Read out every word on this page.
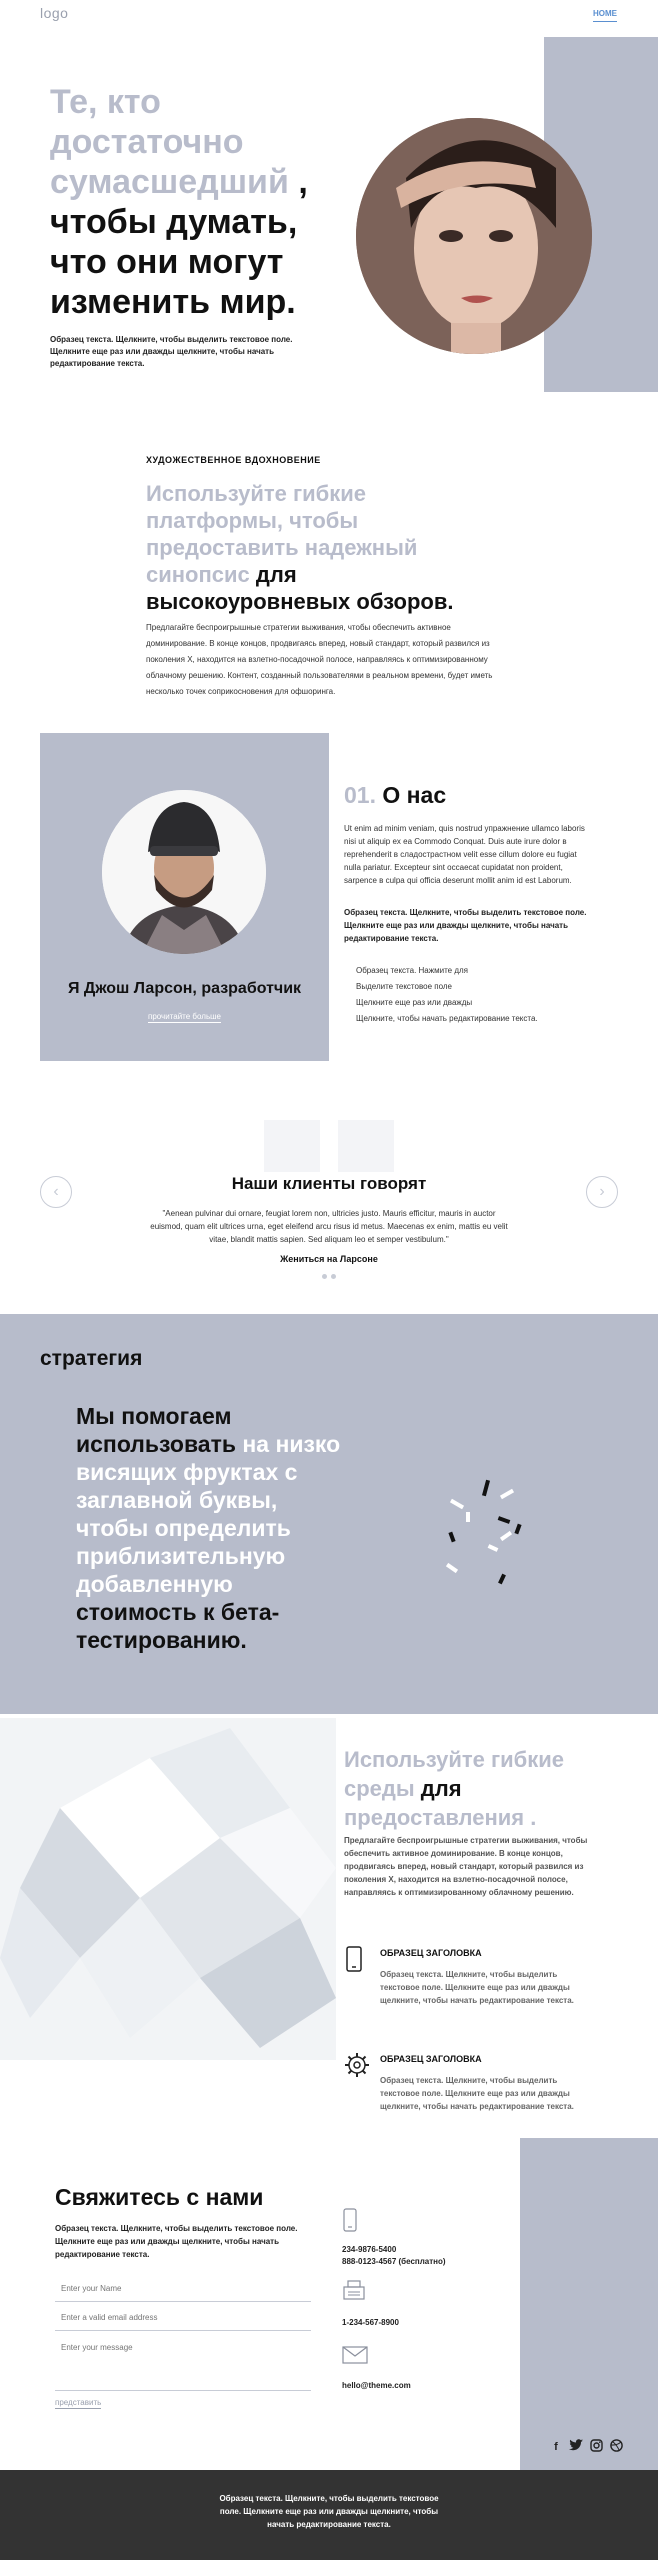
logo	HOME
Те, кто достаточно сумасшедший , чтобы думать, что они могут изменить мир.

Образец текста. Щелкните, чтобы выделить текстовое поле. Щелкните еще раз или дважды щелкните, чтобы начать редактирование текста.

ХУДОЖЕСТВЕННОЕ ВДОХНОВЕНИЕ
Используйте гибкие платформы, чтобы предоставить надежный синопсис для высокоуровневых обзоров.

Предлагайте беспроигрышные стратегии выживания, чтобы обеспечить активное доминирование. В конце концов, продвигаясь вперед, новый стандарт, который развился из поколения X, находится на взлетно-посадочной полосе, направляясь к оптимизированному облачному решению. Контент, созданный пользователями в реальном времени, будет иметь несколько точек соприкосновения для офшоринга.

Я Джош Ларсон, разработчик
прочитайте больше
01. О нас

Ut enim ad minim veniam, quis nostrud упражнение ullamco laboris nisi ut aliquip ex ea Commodo Conquat. Duis aute irure dolor в reprehenderit в сладострастном velit esse cillum dolore eu fugiat nulla pariatur. Excepteur sint occaecat cupidatat non proident, sarpence в culpa qui officia deserunt mollit anim id est Laborum.

Образец текста. Щелкните, чтобы выделить текстовое поле. Щелкните еще раз или дважды щелкните, чтобы начать редактирование текста.

Образец текста. Нажмите для
Выделите текстовое поле
Щелкните еще раз или дважды
Щелкните, чтобы начать редактирование текста.
‹	›
Наши клиенты говорят

"Aenean pulvinar dui ornare, feugiat lorem non, ultricies justo. Mauris efficitur, mauris in auctor euismod, quam elit ultrices urna, eget eleifend arcu risus id metus. Maecenas ex enim, mattis eu velit vitae, blandit mattis sapien. Sed aliquam leo et semper vestibulum."

Жениться на Ларсоне
стратегия
Мы помогаем использовать на низко висящих фруктах с заглавной буквы, чтобы определить приблизительную добавленную стоимость к бета-тестированию.
Используйте гибкие среды для предоставления .

Предлагайте беспроигрышные стратегии выживания, чтобы обеспечить активное доминирование. В конце концов, продвигаясь вперед, новый стандарт, который развился из поколения X, находится на взлетно-посадочной полосе, направляясь к оптимизированному облачному решению.

ОБРАЗЕЦ ЗАГОЛОВКА

Образец текста. Щелкните, чтобы выделить текстовое поле. Щелкните еще раз или дважды щелкните, чтобы начать редактирование текста.

ОБРАЗЕЦ ЗАГОЛОВКА

Образец текста. Щелкните, чтобы выделить текстовое поле. Щелкните еще раз или дважды щелкните, чтобы начать редактирование текста.

Свяжитесь с нами

Образец текста. Щелкните, чтобы выделить текстовое поле. Щелкните еще раз или дважды щелкните, чтобы начать редактирование текста.

Enter your Name
Enter a valid email address
Enter your message
представить
234-9876-5400
888-0123-4567 (бесплатно)
1-234-567-8900
hello@theme.com
f

Образец текста. Щелкните, чтобы выделить текстовое поле. Щелкните еще раз или дважды щелкните, чтобы начать редактирование текста.
